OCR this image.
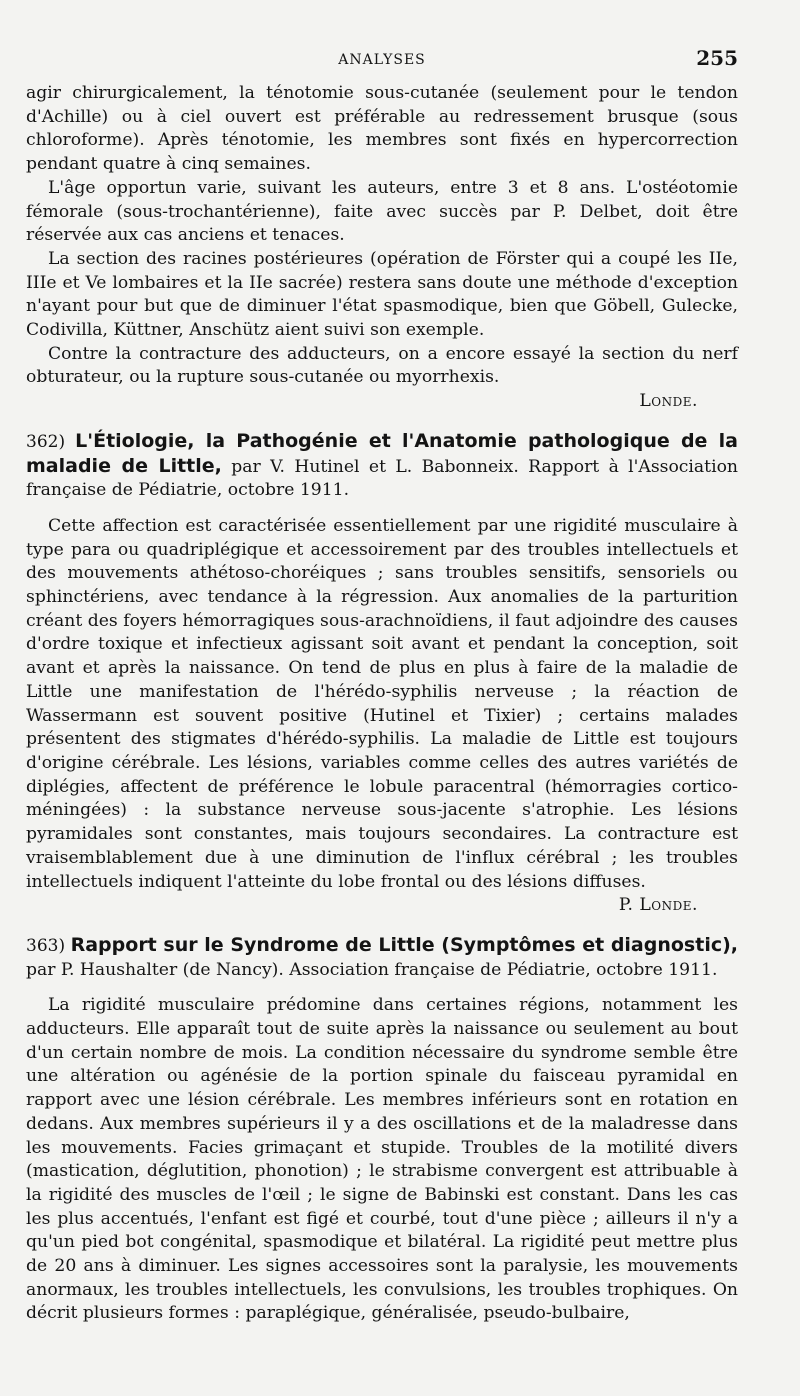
ANALYSES	255

agir chirurgicalement, la ténotomie sous-cutanée (seulement pour le tendon d'Achille) ou à ciel ouvert est préférable au redressement brusque (sous chloroforme). Après ténotomie, les membres sont fixés en hypercorrection pendant quatre à cinq semaines.

L'âge opportun varie, suivant les auteurs, entre 3 et 8 ans. L'ostéotomie fémorale (sous-trochantérienne), faite avec succès par P. Delbet, doit être réservée aux cas anciens et tenaces.

La section des racines postérieures (opération de Förster qui a coupé les IIe, IIIe et Ve lombaires et la IIe sacrée) restera sans doute une méthode d'exception n'ayant pour but que de diminuer l'état spasmodique, bien que Göbell, Gulecke, Codivilla, Küttner, Anschütz aient suivi son exemple.

Contre la contracture des adducteurs, on a encore essayé la section du nerf obturateur, ou la rupture sous-cutanée ou myorrhexis.

Londe.

362) L'Étiologie, la Pathogénie et l'Anatomie pathologique de la maladie de Little, par V. Hutinel et L. Babonneix. Rapport à l'Association française de Pédiatrie, octobre 1911.

Cette affection est caractérisée essentiellement par une rigidité musculaire à type para ou quadriplégique et accessoirement par des troubles intellectuels et des mouvements athétoso-choréiques ; sans troubles sensitifs, sensoriels ou sphinctériens, avec tendance à la régression. Aux anomalies de la parturition créant des foyers hémorragiques sous-arachnoïdiens, il faut adjoindre des causes d'ordre toxique et infectieux agissant soit avant et pendant la conception, soit avant et après la naissance. On tend de plus en plus à faire de la maladie de Little une manifestation de l'hérédo-syphilis nerveuse ; la réaction de Wassermann est souvent positive (Hutinel et Tixier) ; certains malades présentent des stigmates d'hérédo-syphilis. La maladie de Little est toujours d'origine cérébrale. Les lésions, variables comme celles des autres variétés de diplégies, affectent de préférence le lobule paracentral (hémorragies cortico-méningées) : la substance nerveuse sous-jacente s'atrophie. Les lésions pyramidales sont constantes, mais toujours secondaires. La contracture est vraisemblablement due à une diminution de l'influx cérébral ; les troubles intellectuels indiquent l'atteinte du lobe frontal ou des lésions diffuses.

P. Londe.

363) Rapport sur le Syndrome de Little (Symptômes et diagnostic), par P. Haushalter (de Nancy). Association française de Pédiatrie, octobre 1911.

La rigidité musculaire prédomine dans certaines régions, notamment les adducteurs. Elle apparaît tout de suite après la naissance ou seulement au bout d'un certain nombre de mois. La condition nécessaire du syndrome semble être une altération ou agénésie de la portion spinale du faisceau pyramidal en rapport avec une lésion cérébrale. Les membres inférieurs sont en rotation en dedans. Aux membres supérieurs il y a des oscillations et de la maladresse dans les mouvements. Facies grimaçant et stupide. Troubles de la motilité divers (mastication, déglutition, phonotion) ; le strabisme convergent est attribuable à la rigidité des muscles de l'œil ; le signe de Babinski est constant. Dans les cas les plus accentués, l'enfant est figé et courbé, tout d'une pièce ; ailleurs il n'y a qu'un pied bot congénital, spasmodique et bilatéral. La rigidité peut mettre plus de 20 ans à diminuer. Les signes accessoires sont la paralysie, les mouvements anormaux, les troubles intellectuels, les convulsions, les troubles trophiques. On décrit plusieurs formes : paraplégique, généralisée, pseudo-bulbaire,
